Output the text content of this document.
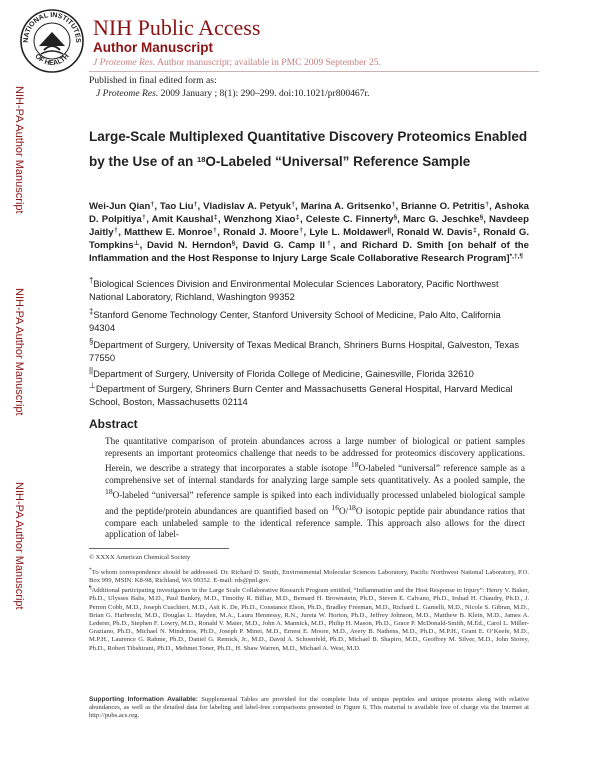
NATIONAL INSTITUTES
OF HEALTH
NIH Public Access
Author Manuscript
J Proteome Res. Author manuscript; available in PMC 2009 September 25.
Published in final edited form as:
J Proteome Res. 2009 January ; 8(1): 290–299. doi:10.1021/pr800467r.
NIH-PA Author Manuscript
NIH-PA Author Manuscript
NIH-PA Author Manuscript
Large-Scale Multiplexed Quantitative Discovery Proteomics Enabled by the Use of an $^{18}$O-Labeled “Universal” Reference Sample
Wei-Jun Qian†, Tao Liu†, Vladislav A. Petyuk†, Marina A. Gritsenko†, Brianne O. Petritis†, Ashoka D. Polpitiya†, Amit Kaushal‡, Wenzhong Xiao‡, Celeste C. Finnerty§, Marc G. Jeschke§, Navdeep Jaitly†, Matthew E. Monroe†, Ronald J. Moore†, Lyle L. Moldawer||, Ronald W. Davis‡, Ronald G. Tompkins⊥, David N. Herndon§, David G. Camp II†, and Richard D. Smith [on behalf of the Inflammation and the Host Response to Injury Large Scale Collaborative Research Program]*,†,¶
†Biological Sciences Division and Environmental Molecular Sciences Laboratory, Pacific Northwest National Laboratory, Richland, Washington 99352
‡Stanford Genome Technology Center, Stanford University School of Medicine, Palo Alto, California 94304
§Department of Surgery, University of Texas Medical Branch, Shriners Burns Hospital, Galveston, Texas 77550
||Department of Surgery, University of Florida College of Medicine, Gainesville, Florida 32610
⊥Department of Surgery, Shriners Burn Center and Massachusetts General Hospital, Harvard Medical School, Boston, Massachusetts 02114
Abstract
The quantitative comparison of protein abundances across a large number of biological or patient samples represents an important proteomics challenge that needs to be addressed for proteomics discovery applications. Herein, we describe a strategy that incorporates a stable isotope $^{18}$O-labeled “universal” reference sample as a comprehensive set of internal standards for analyzing large sample sets quantitatively. As a pooled sample, the $^{18}$O-labeled “universal” reference sample is spiked into each individually processed unlabeled biological sample and the peptide/protein abundances are quantified based on $^{16}$O/$^{18}$O isotopic peptide pair abundance ratios that compare each unlabeled sample to the identical reference sample. This approach also allows for the direct application of label-
© XXXX American Chemical Society
*To whom correspondence should be addressed. Dr. Richard D. Smith, Environmental Molecular Sciences Laboratory, Pacific Northwest National Laboratory, P.O. Box 999, MSIN: K8-98, Richland, WA 99352. E-mail: rds@pnl.gov.
¶Additional participating investigators in the Large Scale Collaborative Research Program entitled, “Inflammation and the Host Response to Injury”: Henry V. Baker, Ph.D., Ulysses Balis, M.D., Paul Bankey, M.D., Timothy R. Billiar, M.D., Bernard H. Brownstein, Ph.D., Steven E. Calvano, Ph.D., Irshad H. Chaudry, Ph.D., J. Perren Cobb, M.D., Joseph Cuschieri, M.D., Asit K. De, Ph.D., Constance Elson, Ph.D., Bradley Freeman, M.D., Richard L. Gamelli, M.D., Nicole S. Gibran, M.D., Brian G. Harbrecht, M.D., Douglas L. Hayden, M.A., Laura Hennessy, R.N., Jureta W. Horton, Ph.D., Jeffrey Johnson, M.D., Matthew B. Klein, M.D., James A. Lederer, Ph.D., Stephen F. Lowry, M.D., Ronald V. Maier, M.D., John A. Mannick, M.D., Philip H. Mason, Ph.D., Grace P. McDonald-Smith, M.Ed., Carol L. Miller-Graziano, Ph.D., Michael N. Mindrinos, Ph.D., Joseph P. Minei, M.D., Ernest E. Moore, M.D., Avery B. Nathens, M.D., Ph.D., M.P.H., Grant E. O’Keefe, M.D., M.P.H., Laurence G. Rahme, Ph.D., Daniel G. Remick, Jr., M.D., David A. Schoenfeld, Ph.D., Michael B. Shapiro, M.D., Geoffrey M. Silver, M.D., John Storey, Ph.D., Robert Tibshirani, Ph.D., Mehmet Toner, Ph.D., H. Shaw Warren, M.D., Michael A. West, M.D.
Supporting Information Available: Supplemental Tables are provided for the complete lists of unique peptides and unique proteins along with relative abundances, as well as the detailed data for labeling and label-free comparisons presented in Figure 6. This material is available free of charge via the Internet at http://pubs.acs.org.
